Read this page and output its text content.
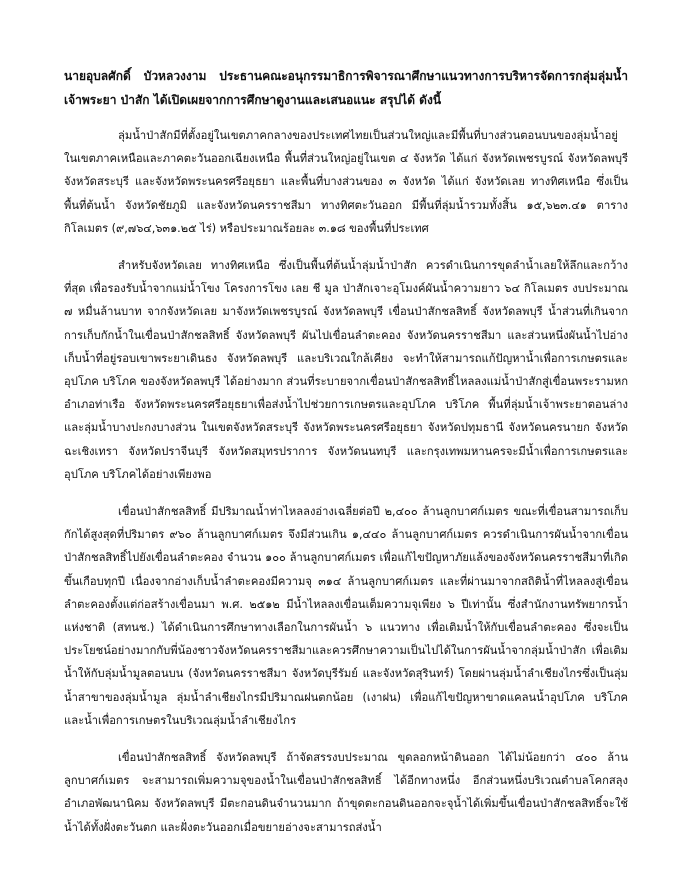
นายอุบลศักดิ์ บัวหลวงงาม ประธานคณะอนุกรรมาธิการพิจารณาศึกษาแนวทางการบริหารจัดการกลุ่มลุ่มน้ำเจ้าพระยา ป่าสัก ได้เปิดเผยจากการศึกษาดูงานและเสนอแนะ สรุปได้ ดังนี้

ลุ่มน้ำป่าสักมีที่ตั้งอยู่ในเขตภาคกลางของประเทศไทยเป็นส่วนใหญ่และมีพื้นที่บางส่วนตอนบนของลุ่มน้ำอยู่ในเขตภาคเหนือและภาคตะวันออกเฉียงเหนือ พื้นที่ส่วนใหญ่อยู่ในเขต ๔ จังหวัด ได้แก่ จังหวัดเพชรบูรณ์ จังหวัดลพบุรี จังหวัดสระบุรี และจังหวัดพระนครศรีอยุธยา และพื้นที่บางส่วนของ ๓ จังหวัด ได้แก่ จังหวัดเลย ทางทิศเหนือ ซึ่งเป็นพื้นที่ต้นน้ำ จังหวัดชัยภูมิ และจังหวัดนครราชสีมา ทางทิศตะวันออก มีพื้นที่ลุ่มน้ำรวมทั้งสิ้น ๑๕,๖๒๓.๔๑ ตารางกิโลเมตร (๙,๗๖๔,๖๓๑.๒๕ ไร่) หรือประมาณร้อยละ ๓.๑๘ ของพื้นที่ประเทศ

สำหรับจังหวัดเลย ทางทิศเหนือ ซึ่งเป็นพื้นที่ต้นน้ำลุ่มน้ำป่าสัก ควรดำเนินการขุดลำน้ำเลยให้ลึกและกว้างที่สุด เพื่อรองรับน้ำจากแม่น้ำโขง โครงการโขง เลย ชี มูล ป่าสักเจาะอุโมงค์ผันน้ำความยาว ๖๔ กิโลเมตร งบประมาณ ๗ หมื่นล้านบาท จากจังหวัดเลย มาจังหวัดเพชรบูรณ์ จังหวัดลพบุรี เขื่อนป่าสักชลสิทธิ์ จังหวัดลพบุรี น้ำส่วนที่เกินจากการเก็บกักน้ำในเขื่อนป่าสักชลสิทธิ์ จังหวัดลพบุรี ผันไปเขื่อนลำตะคอง จังหวัดนครราชสีมา และส่วนหนึ่งผันน้ำไปอ่างเก็บน้ำที่อยู่รอบเขาพระยาเดินธง จังหวัดลพบุรี และบริเวณใกล้เคียง จะทำให้สามารถแก้ปัญหาน้ำเพื่อการเกษตรและอุปโภค บริโภค ของจังหวัดลพบุรี ได้อย่างมาก ส่วนที่ระบายจากเขื่อนป่าสักชลสิทธิ์ไหลลงแม่น้ำป่าสักสู่เขื่อนพระรามหก อำเภอท่าเรือ จังหวัดพระนครศรีอยุธยาเพื่อส่งน้ำไปช่วยการเกษตรและอุปโภค บริโภค พื้นที่ลุ่มน้ำเจ้าพระยาตอนล่างและลุ่มน้ำบางปะกงบางส่วน ในเขตจังหวัดสระบุรี จังหวัดพระนครศรีอยุธยา จังหวัดปทุมธานี จังหวัดนครนายก จังหวัดฉะเชิงเทรา จังหวัดปราจีนบุรี จังหวัดสมุทรปราการ จังหวัดนนทบุรี และกรุงเทพมหานครจะมีน้ำเพื่อการเกษตรและอุปโภค บริโภคได้อย่างเพียงพอ

เขื่อนป่าสักชลสิทธิ์ มีปริมาณน้ำท่าไหลลงอ่างเฉลี่ยต่อปี ๒,๔๐๐ ล้านลูกบาศก์เมตร ขณะที่เขื่อนสามารถเก็บกักได้สูงสุดที่ปริมาตร ๙๖๐ ล้านลูกบาศก์เมตร จึงมีส่วนเกิน ๑,๔๔๐ ล้านลูกบาศก์เมตร ควรดำเนินการผันน้ำจากเขื่อนป่าสักชลสิทธิ์ไปยังเขื่อนลำตะคอง จำนวน ๑๐๐ ล้านลูกบาศก์เมตร เพื่อแก้ไขปัญหาภัยแล้งของจังหวัดนครราชสีมาที่เกิดขึ้นเกือบทุกปี เนื่องจากอ่างเก็บน้ำลำตะคองมีความจุ ๓๑๔ ล้านลูกบาศก์เมตร และที่ผ่านมาจากสถิติน้ำที่ไหลลงสู่เขื่อนลำตะคองตั้งแต่ก่อสร้างเขื่อนมา พ.ศ. ๒๕๑๒ มีน้ำไหลลงเขื่อนเต็มความจุเพียง ๖ ปีเท่านั้น ซึ่งสำนักงานทรัพยากรน้ำแห่งชาติ (สทนช.) ได้ดำเนินการศึกษาทางเลือกในการผันน้ำ ๖ แนวทาง เพื่อเติมน้ำให้กับเขื่อนลำตะคอง ซึ่งจะเป็นประโยชน์อย่างมากกับพี่น้องชาวจังหวัดนครราชสีมาและควรศึกษาความเป็นไปได้ในการผันน้ำจากลุ่มน้ำป่าสัก เพื่อเติมน้ำให้กับลุ่มน้ำมูลตอนบน (จังหวัดนครราชสีมา จังหวัดบุรีรัมย์ และจังหวัดสุรินทร์) โดยผ่านลุ่มน้ำลำเชียงไกรซึ่งเป็นลุ่มน้ำสาขาของลุ่มน้ำมูล ลุ่มน้ำลำเชียงไกรมีปริมาณฝนตกน้อย (เงาฝน) เพื่อแก้ไขปัญหาขาดแคลนน้ำอุปโภค บริโภค และน้ำเพื่อการเกษตรในบริเวณลุ่มน้ำลำเชียงไกร

เขื่อนป่าสักชลสิทธิ์ จังหวัดลพบุรี ถ้าจัดสรรงบประมาณ ขุดลอกหน้าดินออก ได้ไม่น้อยกว่า ๔๐๐ ล้านลูกบาศก์เมตร จะสามารถเพิ่มความจุของน้ำในเขื่อนป่าสักชลสิทธิ์ ได้อีกทางหนึ่ง อีกส่วนหนึ่งบริเวณตำบลโคกสลุง อำเภอพัฒนานิคม จังหวัดลพบุรี มีตะกอนดินจำนวนมาก ถ้าขุดตะกอนดินออกจะจุน้ำได้เพิ่มขึ้นเขื่อนป่าสักชลสิทธิ์จะใช้น้ำได้ทั้งฝั่งตะวันตก และฝั่งตะวันออกเมื่อขยายอ่างจะสามารถส่งน้ำ
